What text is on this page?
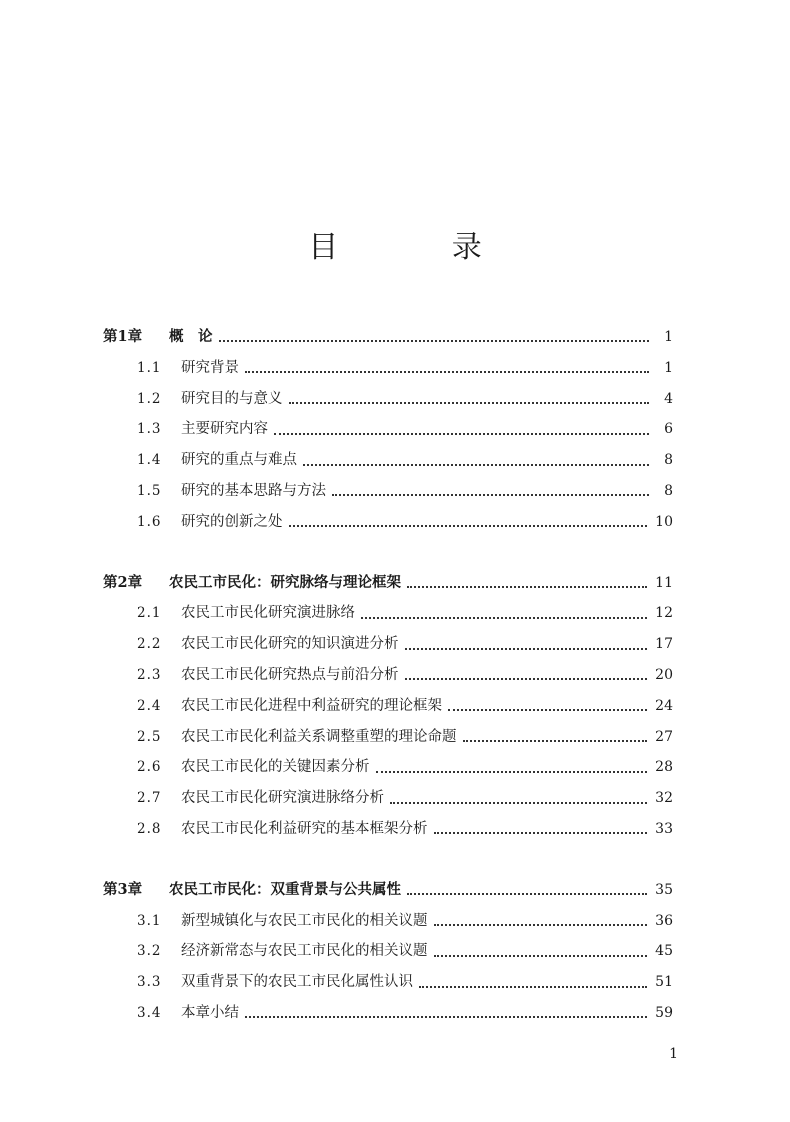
目 录
第1章	概　论	1
1.1	研究背景	1
1.2	研究目的与意义	4
1.3	主要研究内容	6
1.4	研究的重点与难点	8
1.5	研究的基本思路与方法	8
1.6	研究的创新之处	10
第2章	农民工市民化：研究脉络与理论框架	11
2.1	农民工市民化研究演进脉络	12
2.2	农民工市民化研究的知识演进分析	17
2.3	农民工市民化研究热点与前沿分析	20
2.4	农民工市民化进程中利益研究的理论框架	24
2.5	农民工市民化利益关系调整重塑的理论命题	27
2.6	农民工市民化的关键因素分析	28
2.7	农民工市民化研究演进脉络分析	32
2.8	农民工市民化利益研究的基本框架分析	33
第3章	农民工市民化：双重背景与公共属性	35
3.1	新型城镇化与农民工市民化的相关议题	36
3.2	经济新常态与农民工市民化的相关议题	45
3.3	双重背景下的农民工市民化属性认识	51
3.4	本章小结	59
1
